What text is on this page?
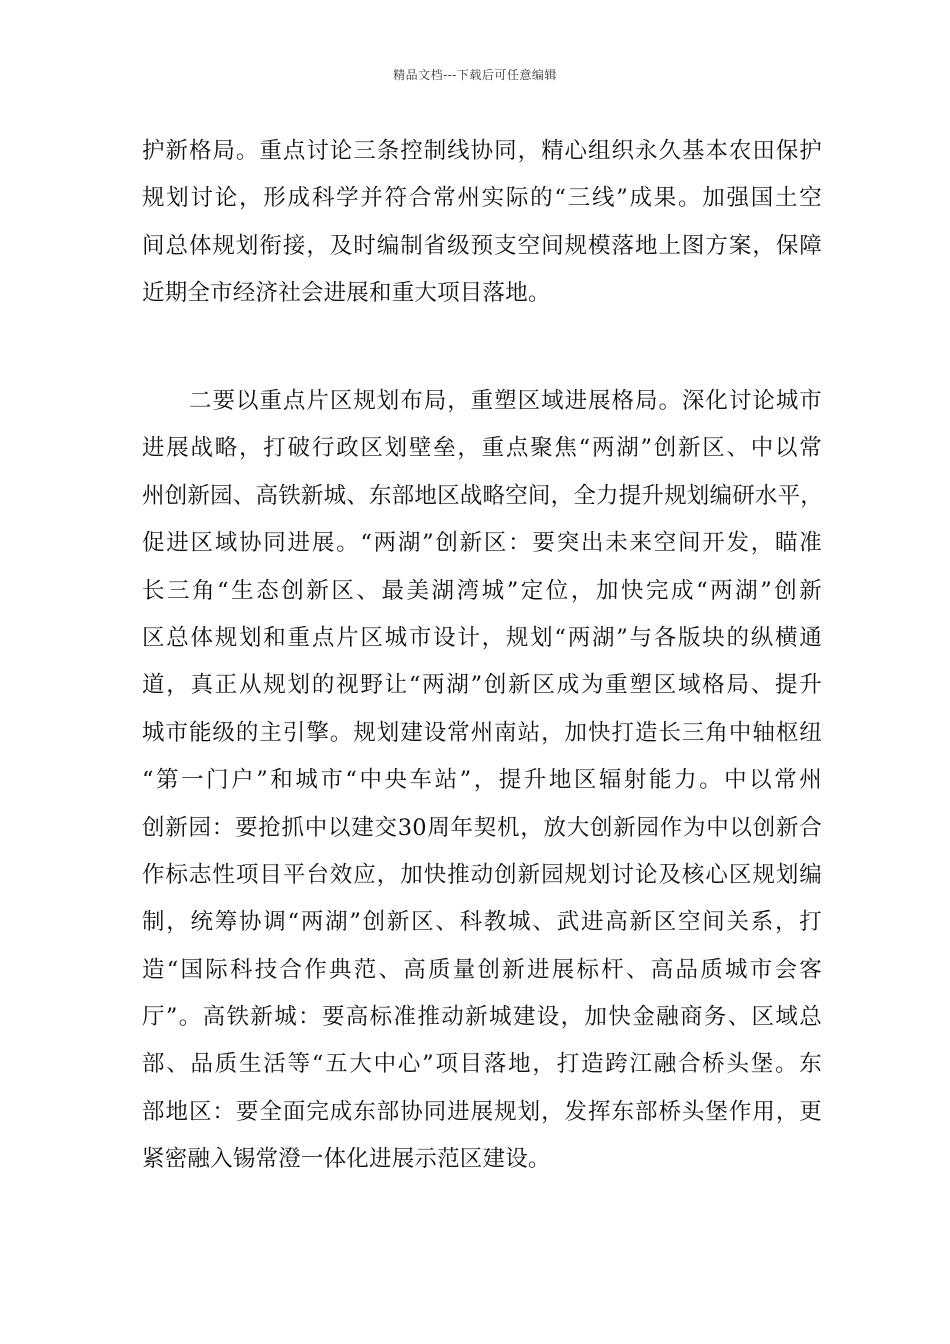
精品文档---下载后可任意编辑
护新格局。重点讨论三条控制线协同，精心组织永久基本农田保护
规划讨论，形成科学并符合常州实际的“三线”成果。加强国土空
间总体规划衔接，及时编制省级预支空间规模落地上图方案，保障
近期全市经济社会进展和重大项目落地。
二要以重点片区规划布局，重塑区域进展格局。深化讨论城市
进展战略，打破行政区划壁垒，重点聚焦“两湖”创新区、中以常
州创新园、高铁新城、东部地区战略空间，全力提升规划编研水平，
促进区域协同进展。“两湖”创新区：要突出未来空间开发，瞄准
长三角“生态创新区、最美湖湾城”定位，加快完成“两湖”创新
区总体规划和重点片区城市设计，规划“两湖”与各版块的纵横通
道，真正从规划的视野让“两湖”创新区成为重塑区域格局、提升
城市能级的主引擎。规划建设常州南站，加快打造长三角中轴枢纽
“第一门户”和城市“中央车站”，提升地区辐射能力。中以常州
创新园：要抢抓中以建交30周年契机，放大创新园作为中以创新合
作标志性项目平台效应，加快推动创新园规划讨论及核心区规划编
制，统筹协调“两湖”创新区、科教城、武进高新区空间关系，打
造“国际科技合作典范、高质量创新进展标杆、高品质城市会客
厅”。高铁新城：要高标准推动新城建设，加快金融商务、区域总
部、品质生活等“五大中心”项目落地，打造跨江融合桥头堡。东
部地区：要全面完成东部协同进展规划，发挥东部桥头堡作用，更
紧密融入锡常澄一体化进展示范区建设。
